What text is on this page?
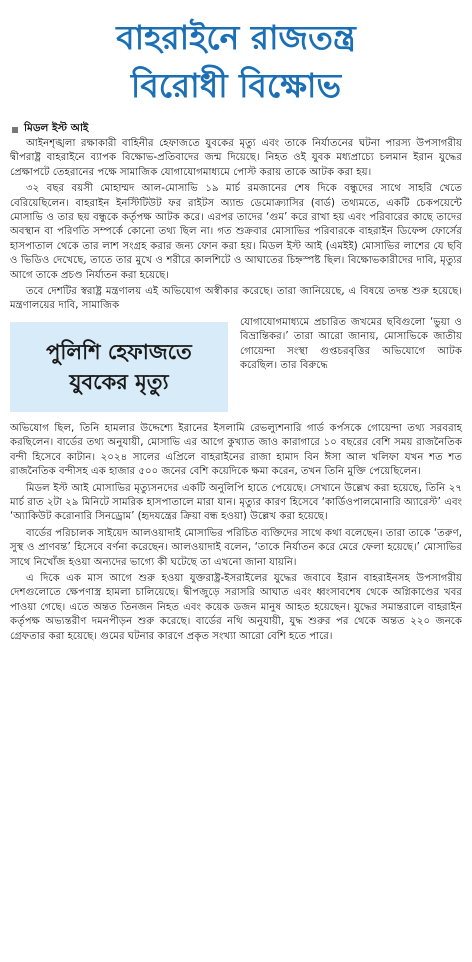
বাহরাইনে রাজতন্ত্র
বিরোধী বিক্ষোভ
মিডল ইস্ট আই

আইনশৃঙ্খলা রক্ষাকারী বাহিনীর হেফাজতে যুবকের মৃত্যু এবং তাকে নির্যাতনের ঘটনা পারস্য উপসাগরীয় দ্বীপরাষ্ট্র বাহরাইনে ব্যাপক বিক্ষোভ-প্রতিবাদের জন্ম দিয়েছে। নিহত ওই যুবক মধ্যপ্রাচ্যে চলমান ইরান যুদ্ধের প্রেক্ষাপটে তেহরানের পক্ষে সামাজিক যোগাযোগমাধ্যমে পোস্ট করায় তাকে আটক করা হয়।

৩২ বছর বয়সী মোহাম্মদ আল-মোসাভি ১৯ মার্চ রমজানের শেষ দিকে বন্ধুদের সাথে সাহরি খেতে বেরিয়েছিলেন। বাহরাইন ইনস্টিটিউট ফর রাইটস অ্যান্ড ডেমোক্র্যাসির (বার্ড) তথ্যমতে, একটি চেকপয়েন্টে মোসাভি ও তার ছয় বন্ধুকে কর্তৃপক্ষ আটক করে। এরপর তাদের ‘গুম’ করে রাখা হয় এবং পরিবারের কাছে তাদের অবস্থান বা পরিণতি সম্পর্কে কোনো তথ্য ছিল না। গত শুক্রবার মোসাভির পরিবারকে বাহরাইন ডিফেন্স ফোর্সের হাসপাতাল থেকে তার লাশ সংগ্রহ করার জন্য ফোন করা হয়। মিডল ইস্ট আই (এমইই) মোসাভির লাশের যে ছবি ও ভিডিও দেখেছে, তাতে তার মুখে ও শরীরে কালশিটে ও আঘাতের চিহ্নস্পষ্ট ছিল। বিক্ষোভকারীদের দাবি, মৃত্যুর আগে তাকে প্রচণ্ড নির্যাতন করা হয়েছে।

তবে দেশটির স্বরাষ্ট্র মন্ত্রণালয় এই অভিযোগ অস্বীকার করেছে। তারা জানিয়েছে, এ বিষয়ে তদন্ত শুরু হয়েছে। মন্ত্রণালয়ের দাবি, সামাজিক

পুলিশি হেফাজতে
যুবকের মৃত্যু

যোগাযোগমাধ্যমে প্রচারিত জখমের ছবিগুলো ‘ভুয়া ও বিভ্রান্তিকর।’ তারা আরো জানায়, মোসাভিকে জাতীয় গোয়েন্দা সংস্থা গুপ্তচরবৃত্তির অভিযোগে আটক করেছিল। তার বিরুদ্ধে

অভিযোগ ছিল, তিনি হামলার উদ্দেশ্যে ইরানের ইসলামি রেভল্যুশনারি গার্ড কর্পসকে গোয়েন্দা তথ্য সরবরাহ করছিলেন। বার্ডের তথ্য অনুযায়ী, মোসাভি এর আগে কুখ্যাত জাও কারাগারে ১০ বছরের বেশি সময় রাজনৈতিক বন্দী হিসেবে কাটান। ২০২৪ সালের এপ্রিলে বাহরাইনের রাজা হামাদ বিন ঈসা আল খলিফা যখন শত শত রাজনৈতিক বন্দীসহ এক হাজার ৫০০ জনের বেশি কয়েদিকে ক্ষমা করেন, তখন তিনি মুক্তি পেয়েছিলেন।

মিডল ইস্ট আই মোসাভির মৃত্যুসনদের একটি অনুলিপি হাতে পেয়েছে। সেখানে উল্লেখ করা হয়েছে, তিনি ২৭ মার্চ রাত ২টা ২৯ মিনিটে সামরিক হাসপাতালে মারা যান। মৃত্যুর কারণ হিসেবে ‘কার্ডিওপালমোনারি অ্যারেস্ট’ এবং ‘অ্যাকিউট করোনারি সিনড্রোম’ (হৃদযন্ত্রের ক্রিয়া বন্ধ হওয়া) উল্লেখ করা হয়েছে।

বার্ডের পরিচালক সাইয়েদ আলওয়াদাই মোসাভির পরিচিত ব্যক্তিদের সাথে কথা বলেছেন। তারা তাকে ‘তরুণ, সুস্থ ও প্রাণবন্ত’ হিসেবে বর্ণনা করেছেন। আলওয়াদাই বলেন, ‘তাকে নির্যাতন করে মেরে ফেলা হয়েছে।’ মোসাভির সাথে নিখোঁজ হওয়া অন্যদের ভাগ্যে কী ঘটেছে তা এখনো জানা যায়নি।

এ দিকে এক মাস আগে শুরু হওয়া যুক্তরাষ্ট্র-ইসরাইলের যুদ্ধের জবাবে ইরান বাহরাইনসহ উপসাগরীয় দেশগুলোতে ক্ষেপণাস্ত্র হামলা চালিয়েছে। দ্বীপজুড়ে সরাসরি আঘাত এবং ধ্বংসাবশেষ থেকে অগ্নিকাণ্ডের খবর পাওয়া গেছে। এতে অন্তত তিনজন নিহত এবং কয়েক ডজন মানুষ আহত হয়েছেন। যুদ্ধের সমান্তরালে বাহরাইন কর্তৃপক্ষ অভ্যন্তরীণ দমনপীড়ন শুরু করেছে। বার্ডের নথি অনুযায়ী, যুদ্ধ শুরুর পর থেকে অন্তত ২২০ জনকে গ্রেফতার করা হয়েছে। গুমের ঘটনার কারণে প্রকৃত সংখ্যা আরো বেশি হতে পারে।
